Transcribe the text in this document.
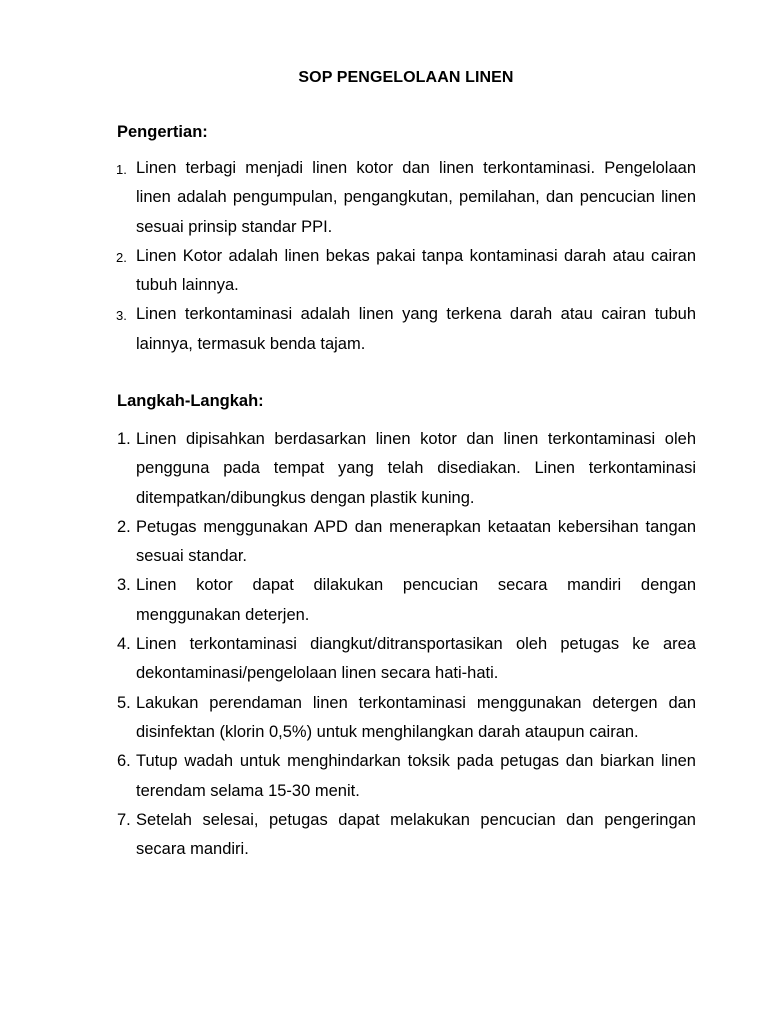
SOP PENGELOLAAN LINEN
Pengertian:
1. Linen terbagi menjadi linen kotor dan linen terkontaminasi. Pengelolaan linen adalah pengumpulan, pengangkutan, pemilahan, dan pencucian linen sesuai prinsip standar PPI.
2. Linen Kotor adalah linen bekas pakai tanpa kontaminasi darah atau cairan tubuh lainnya.
3. Linen terkontaminasi adalah linen yang terkena darah atau cairan tubuh lainnya, termasuk benda tajam.
Langkah-Langkah:
1. Linen dipisahkan berdasarkan linen kotor dan linen terkontaminasi oleh pengguna pada tempat yang telah disediakan. Linen terkontaminasi ditempatkan/dibungkus dengan plastik kuning.
2. Petugas menggunakan APD dan menerapkan ketaatan kebersihan tangan sesuai standar.
3. Linen kotor dapat dilakukan pencucian secara mandiri dengan menggunakan deterjen.
4. Linen terkontaminasi diangkut/ditransportasikan oleh petugas ke area dekontaminasi/pengelolaan linen secara hati-hati.
5. Lakukan perendaman linen terkontaminasi menggunakan detergen dan disinfektan (klorin 0,5%) untuk menghilangkan darah ataupun cairan.
6. Tutup wadah untuk menghindarkan toksik pada petugas dan biarkan linen terendam selama 15-30 menit.
7. Setelah selesai, petugas dapat melakukan pencucian dan pengeringan secara mandiri.
